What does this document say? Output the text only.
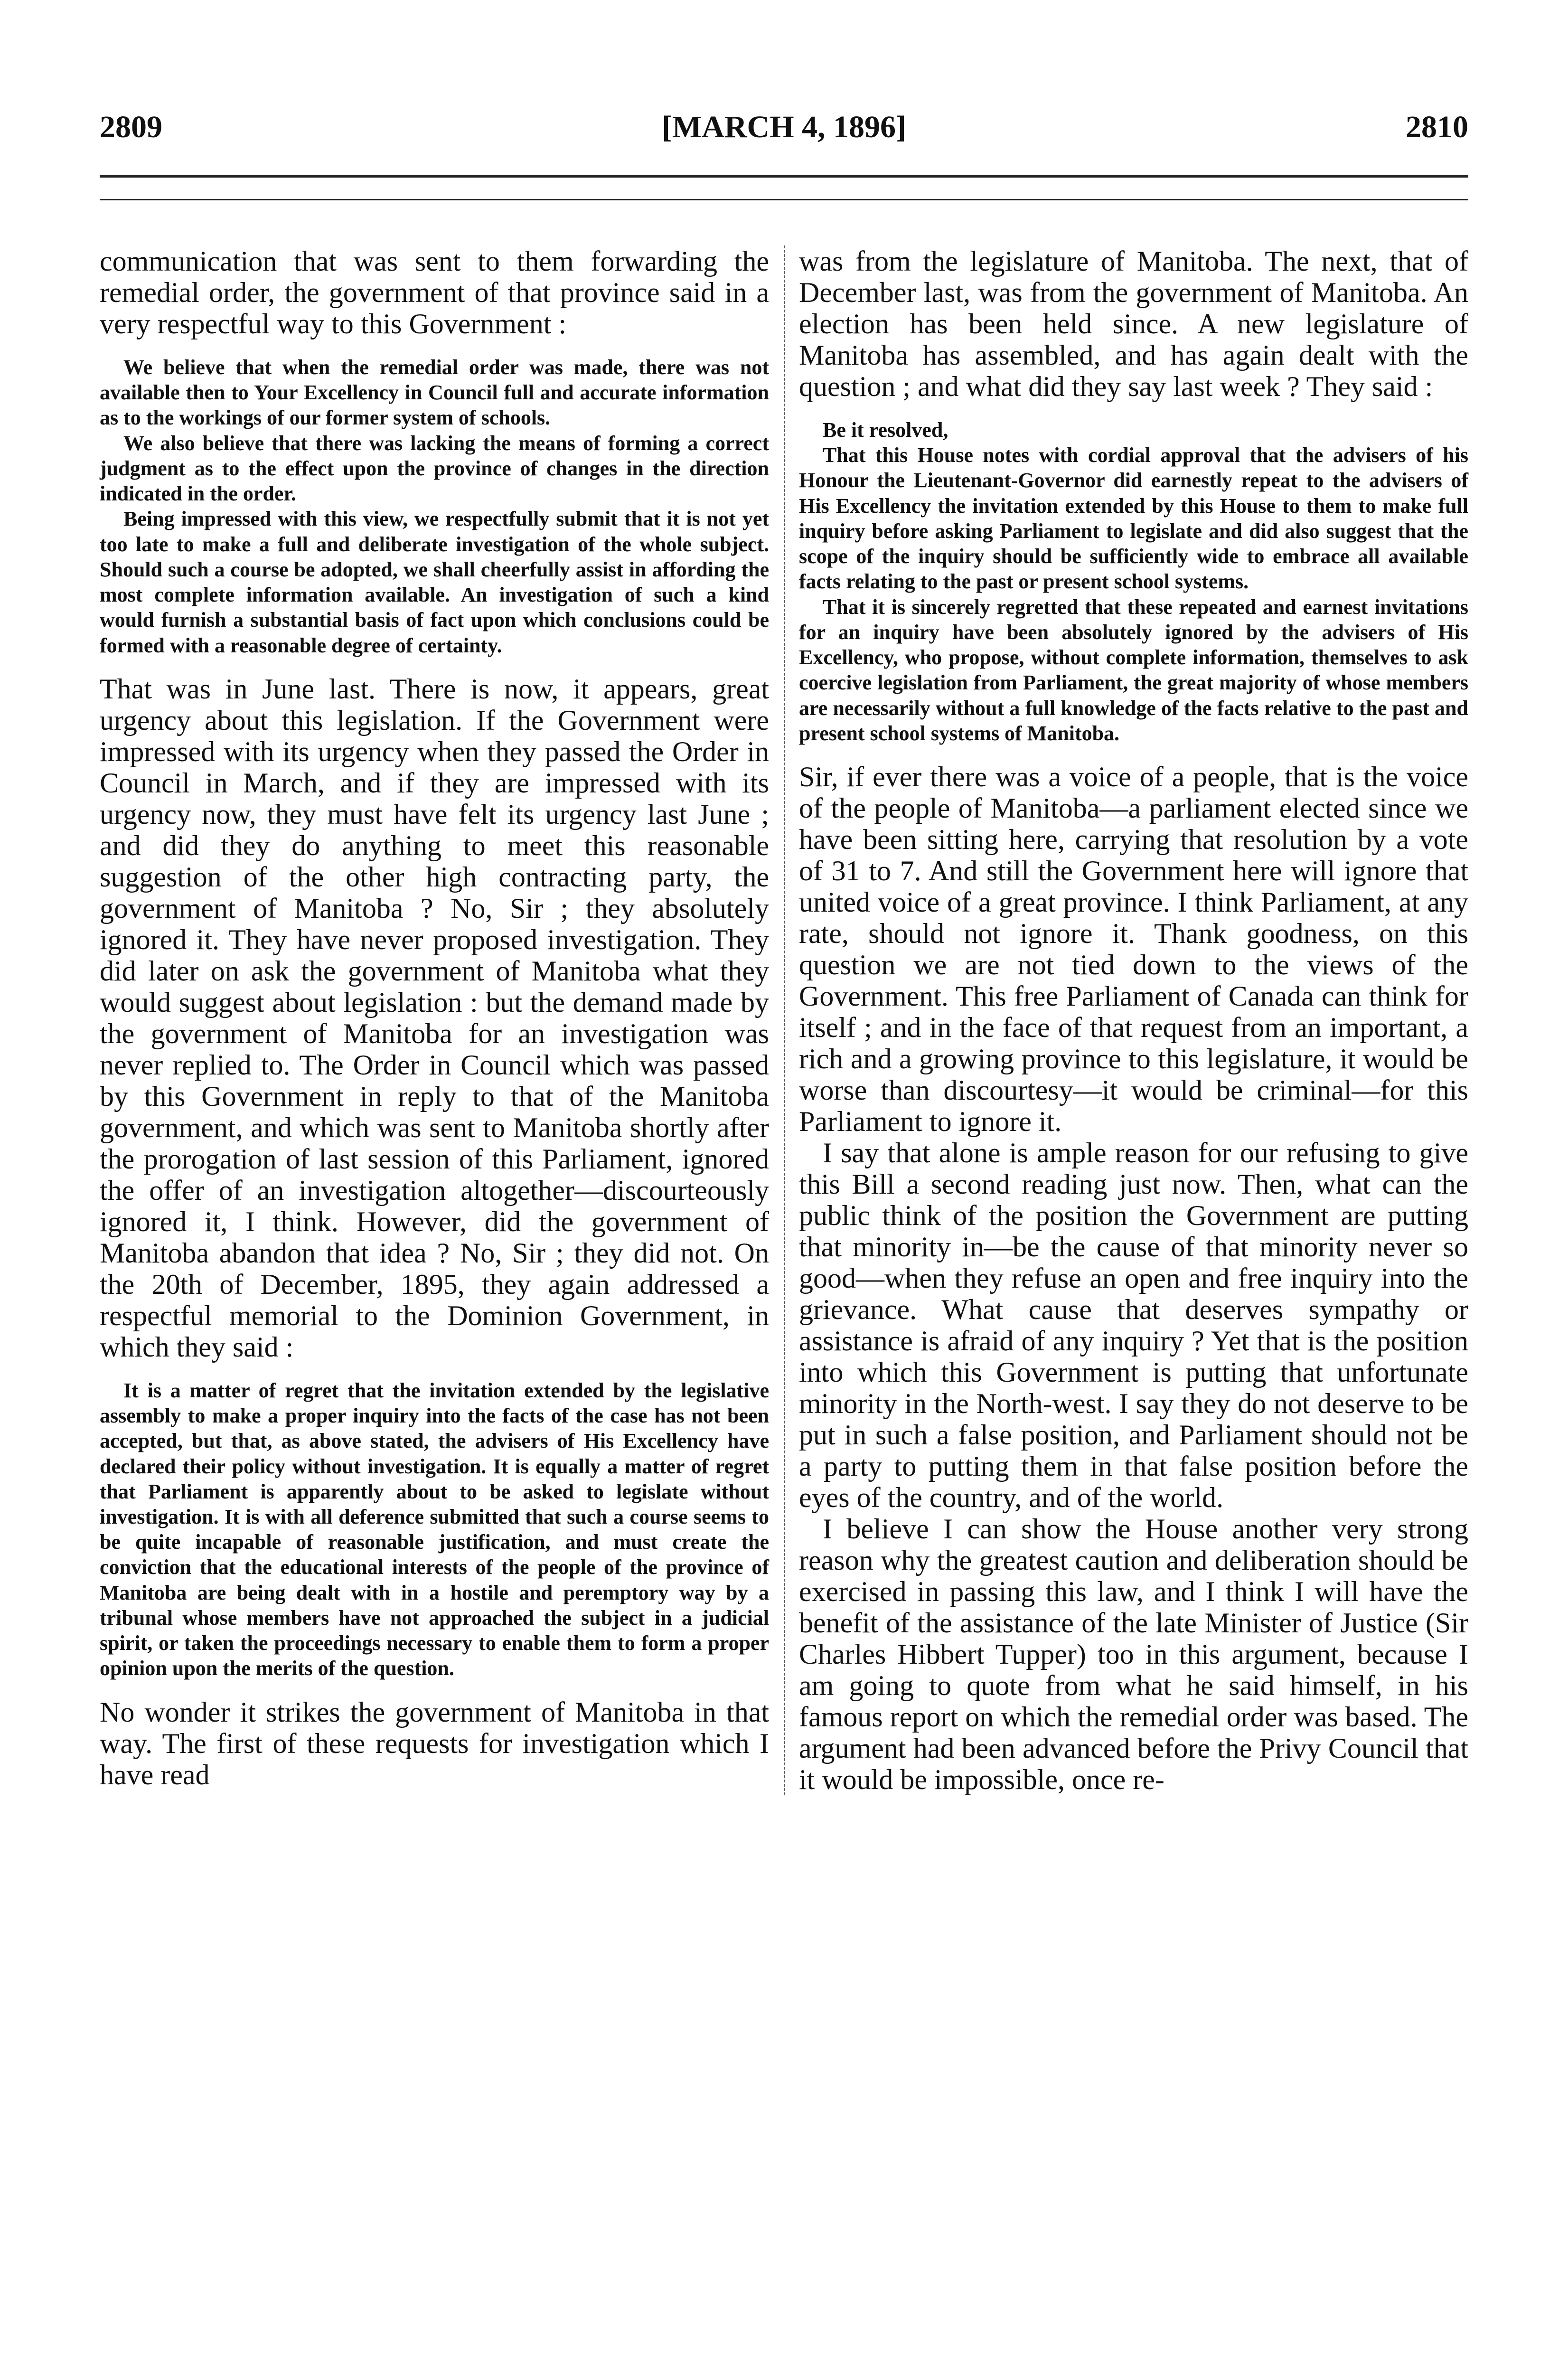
2809	[MARCH 4, 1896]	2810

communication that was sent to them forwarding the remedial order, the government of that province said in a very respectful way to this Government :

We believe that when the remedial order was made, there was not available then to Your Excellency in Council full and accurate information as to the workings of our former system of schools.

We also believe that there was lacking the means of forming a correct judgment as to the effect upon the province of changes in the direction indicated in the order.

Being impressed with this view, we respectfully submit that it is not yet too late to make a full and deliberate investigation of the whole subject. Should such a course be adopted, we shall cheerfully assist in affording the most complete information available. An investigation of such a kind would furnish a substantial basis of fact upon which conclusions could be formed with a reasonable degree of certainty.

That was in June last. There is now, it appears, great urgency about this legislation. If the Government were impressed with its urgency when they passed the Order in Council in March, and if they are impressed with its urgency now, they must have felt its urgency last June ; and did they do anything to meet this reasonable suggestion of the other high contracting party, the government of Manitoba ? No, Sir ; they absolutely ignored it. They have never proposed investigation. They did later on ask the government of Manitoba what they would suggest about legislation : but the demand made by the government of Manitoba for an investigation was never replied to. The Order in Council which was passed by this Government in reply to that of the Manitoba government, and which was sent to Manitoba shortly after the prorogation of last session of this Parliament, ignored the offer of an investigation altogether—discourteously ignored it, I think. However, did the government of Manitoba abandon that idea ? No, Sir ; they did not. On the 20th of December, 1895, they again addressed a respectful memorial to the Dominion Government, in which they said :

It is a matter of regret that the invitation extended by the legislative assembly to make a proper inquiry into the facts of the case has not been accepted, but that, as above stated, the advisers of His Excellency have declared their policy without investigation. It is equally a matter of regret that Parliament is apparently about to be asked to legislate without investigation. It is with all deference submitted that such a course seems to be quite incapable of reasonable justification, and must create the conviction that the educational interests of the people of the province of Manitoba are being dealt with in a hostile and peremptory way by a tribunal whose members have not approached the subject in a judicial spirit, or taken the proceedings necessary to enable them to form a proper opinion upon the merits of the question.

No wonder it strikes the government of Manitoba in that way. The first of these requests for investigation which I have read

was from the legislature of Manitoba. The next, that of December last, was from the government of Manitoba. An election has been held since. A new legislature of Manitoba has assembled, and has again dealt with the question ; and what did they say last week ? They said :

Be it resolved,

That this House notes with cordial approval that the advisers of his Honour the Lieutenant-Governor did earnestly repeat to the advisers of His Excellency the invitation extended by this House to them to make full inquiry before asking Parliament to legislate and did also suggest that the scope of the inquiry should be sufficiently wide to embrace all available facts relating to the past or present school systems.

That it is sincerely regretted that these repeated and earnest invitations for an inquiry have been absolutely ignored by the advisers of His Excellency, who propose, without complete information, themselves to ask coercive legislation from Parliament, the great majority of whose members are necessarily without a full knowledge of the facts relative to the past and present school systems of Manitoba.

Sir, if ever there was a voice of a people, that is the voice of the people of Manitoba—a parliament elected since we have been sitting here, carrying that resolution by a vote of 31 to 7. And still the Government here will ignore that united voice of a great province. I think Parliament, at any rate, should not ignore it. Thank goodness, on this question we are not tied down to the views of the Government. This free Parliament of Canada can think for itself ; and in the face of that request from an important, a rich and a growing province to this legislature, it would be worse than discourtesy—it would be criminal—for this Parliament to ignore it.

I say that alone is ample reason for our refusing to give this Bill a second reading just now. Then, what can the public think of the position the Government are putting that minority in—be the cause of that minority never so good—when they refuse an open and free inquiry into the grievance. What cause that deserves sympathy or assistance is afraid of any inquiry ? Yet that is the position into which this Government is putting that unfortunate minority in the North-west. I say they do not deserve to be put in such a false position, and Parliament should not be a party to putting them in that false position before the eyes of the country, and of the world.

I believe I can show the House another very strong reason why the greatest caution and deliberation should be exercised in passing this law, and I think I will have the benefit of the assistance of the late Minister of Justice (Sir Charles Hibbert Tupper) too in this argument, because I am going to quote from what he said himself, in his famous report on which the remedial order was based. The argument had been advanced before the Privy Council that it would be impossible, once re-
